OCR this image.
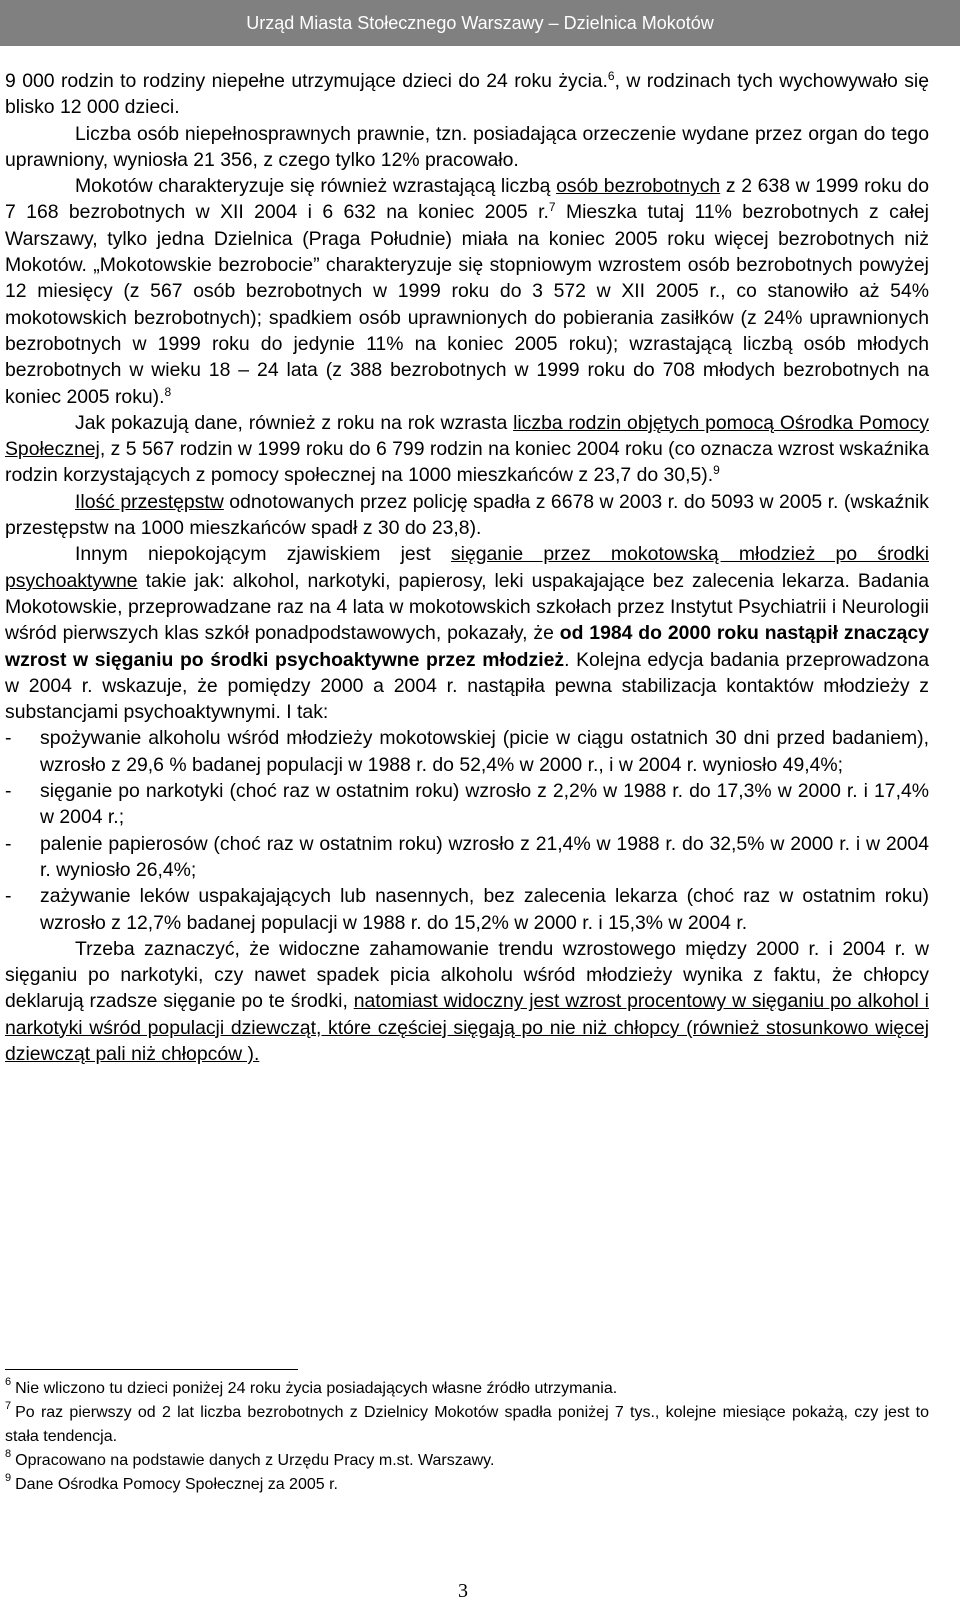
Urząd Miasta Stołecznego Warszawy – Dzielnica Mokotów

9 000 rodzin to rodziny niepełne utrzymujące dzieci do 24 roku życia.$^6$, w rodzinach tych wychowywało się blisko 12 000 dzieci.

Liczba osób niepełnosprawnych prawnie, tzn. posiadająca orzeczenie wydane przez organ do tego uprawniony, wyniosła 21 356, z czego tylko 12% pracowało.

Mokotów charakteryzuje się również wzrastającą liczbą osób bezrobotnych z 2 638 w 1999 roku do 7 168 bezrobotnych w XII 2004 i 6 632 na koniec 2005 r.$^7$ Mieszka tutaj 11% bezrobotnych z całej Warszawy, tylko jedna Dzielnica (Praga Południe) miała na koniec 2005 roku więcej bezrobotnych niż Mokotów. „Mokotowskie bezrobocie” charakteryzuje się stopniowym wzrostem osób bezrobotnych powyżej 12 miesięcy (z 567 osób bezrobotnych w 1999 roku do 3 572 w XII 2005 r., co stanowiło aż 54% mokotowskich bezrobotnych); spadkiem osób uprawnionych do pobierania zasiłków (z 24% uprawnionych bezrobotnych w 1999 roku do jedynie 11% na koniec 2005 roku); wzrastającą liczbą osób młodych bezrobotnych w wieku 18 – 24 lata (z 388 bezrobotnych w 1999 roku do 708 młodych bezrobotnych na koniec 2005 roku).$^8$

Jak pokazują dane, również z roku na rok wzrasta liczba rodzin objętych pomocą Ośrodka Pomocy Społecznej, z 5 567 rodzin w 1999 roku do 6 799 rodzin na koniec 2004 roku (co oznacza wzrost wskaźnika rodzin korzystających z pomocy społecznej na 1000 mieszkańców z 23,7 do 30,5).$^9$

Ilość przestępstw odnotowanych przez policję spadła z 6678 w 2003 r. do 5093 w 2005 r. (wskaźnik przestępstw na 1000 mieszkańców spadł z 30 do 23,8).

Innym niepokojącym zjawiskiem jest sięganie przez mokotowską młodzież po środki psychoaktywne takie jak: alkohol, narkotyki, papierosy, leki uspakajające bez zalecenia lekarza. Badania Mokotowskie, przeprowadzane raz na 4 lata w mokotowskich szkołach przez Instytut Psychiatrii i Neurologii wśród pierwszych klas szkół ponadpodstawowych, pokazały, że od 1984 do 2000 roku nastąpił znaczący wzrost w sięganiu po środki psychoaktywne przez młodzież. Kolejna edycja badania przeprowadzona w 2004 r. wskazuje, że pomiędzy 2000 a 2004 r. nastąpiła pewna stabilizacja kontaktów młodzieży z substancjami psychoaktywnymi. I tak:

- spożywanie alkoholu wśród młodzieży mokotowskiej (picie w ciągu ostatnich 30 dni przed badaniem), wzrosło z 29,6 % badanej populacji w 1988 r. do 52,4% w 2000 r., i w 2004 r. wyniosło 49,4%;

- sięganie po narkotyki (choć raz w ostatnim roku) wzrosło z 2,2% w 1988 r. do 17,3% w 2000 r. i 17,4% w 2004 r.;

- palenie papierosów (choć raz w ostatnim roku) wzrosło z 21,4% w 1988 r. do 32,5% w 2000 r. i w 2004 r. wyniosło 26,4%;

- zażywanie leków uspakajających lub nasennych, bez zalecenia lekarza (choć raz w ostatnim roku) wzrosło z 12,7% badanej populacji w 1988 r. do 15,2% w 2000 r. i 15,3% w 2004 r.

Trzeba zaznaczyć, że widoczne zahamowanie trendu wzrostowego między 2000 r. i 2004 r. w sięganiu po narkotyki, czy nawet spadek picia alkoholu wśród młodzieży wynika z faktu, że chłopcy deklarują rzadsze sięganie po te środki, natomiast widoczny jest wzrost procentowy w sięganiu po alkohol i narkotyki wśród populacji dziewcząt, które częściej sięgają po nie niż chłopcy (również stosunkowo więcej dziewcząt pali niż chłopców ).

$^6$ Nie wliczono tu dzieci poniżej 24 roku życia posiadających własne źródło utrzymania.

$^7$ Po raz pierwszy od 2 lat liczba bezrobotnych z Dzielnicy Mokotów spadła poniżej 7 tys., kolejne miesiące pokażą, czy jest to stała tendencja.

$^8$ Opracowano na podstawie danych z Urzędu Pracy m.st. Warszawy.

$^9$ Dane Ośrodka Pomocy Społecznej za 2005 r.

3
